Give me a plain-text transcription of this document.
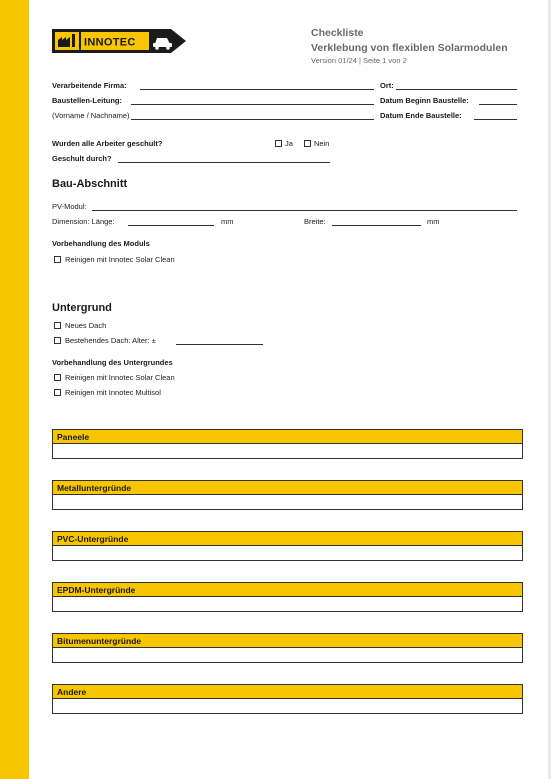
INNOTEC
Checkliste
Verklebung von flexiblen Solarmodulen
Version 01/24 | Seite 1 von 2
Verarbeitende Firma:	Ort:
Baustellen-Leitung:	Datum Beginn Baustelle:
(Vorname / Nachname)	Datum Ende Baustelle:
Wurden alle Arbeiter geschult?	Ja	Nein
Geschult durch?
Bau-Abschnitt
PV-Modul:
Dimension: Länge:	mm	Breite:	mm
Vorbehandlung des Moduls
Reinigen mit Innotec Solar Clean
Untergrund
Neues Dach
Bestehendes Dach: Alter: ±
Vorbehandlung des Untergrundes
Reinigen mit Innotec Solar Clean
Reinigen mit Innotec Multisol
Paneele
Metalluntergründe
PVC-Untergründe
EPDM-Untergründe
Bitumenuntergründe
Andere
